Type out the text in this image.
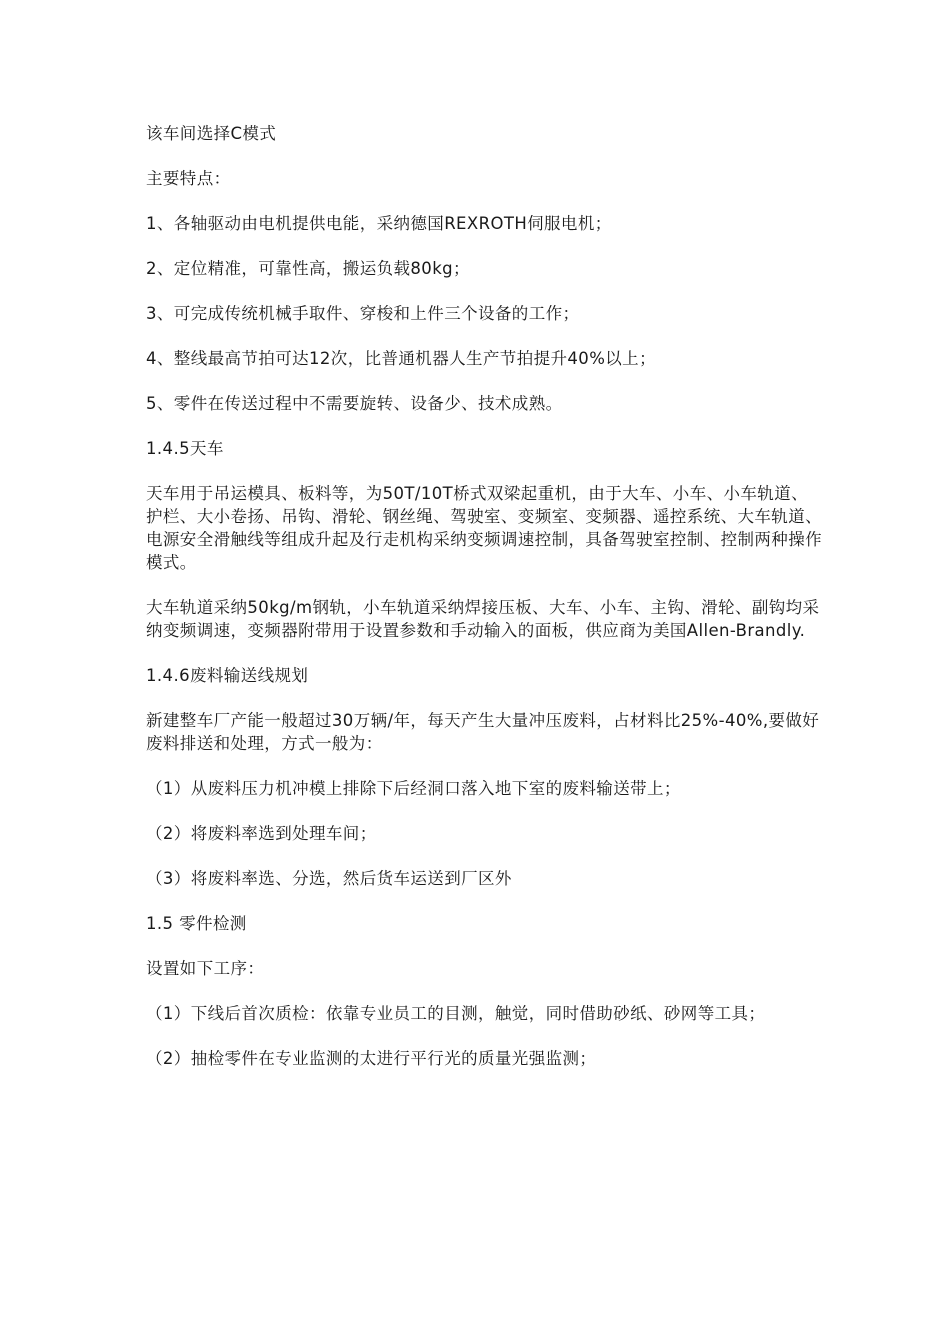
该车间选择C模式

主要特点：

1、各轴驱动由电机提供电能，采纳德国REXROTH伺服电机；

2、定位精准，可靠性高，搬运负载80kg；

3、可完成传统机械手取件、穿梭和上件三个设备的工作；

4、整线最高节拍可达12次，比普通机器人生产节拍提升40%以上；

5、零件在传送过程中不需要旋转、设备少、技术成熟。

1.4.5天车

天车用于吊运模具、板料等，为50T/10T桥式双梁起重机，由于大车、小车、小车轨道、护栏、大小卷扬、吊钩、滑轮、钢丝绳、驾驶室、变频室、变频器、遥控系统、大车轨道、电源安全滑触线等组成升起及行走机构采纳变频调速控制，具备驾驶室控制、控制两种操作模式。

大车轨道采纳50kg/m钢轨，小车轨道采纳焊接压板、大车、小车、主钩、滑轮、副钩均采纳变频调速，变频器附带用于设置参数和手动输入的面板，供应商为美国Allen-Brandly.

1.4.6废料输送线规划

新建整车厂产能一般超过30万辆/年，每天产生大量冲压废料，占材料比25%-40%,要做好废料排送和处理，方式一般为：

（1）从废料压力机冲模上排除下后经洞口落入地下室的废料输送带上；

（2）将废料率选到处理车间；

（3）将废料率选、分选，然后货车运送到厂区外

1.5 零件检测

设置如下工序：

（1）下线后首次质检：依靠专业员工的目测，触觉，同时借助砂纸、砂网等工具；

（2）抽检零件在专业监测的太进行平行光的质量光强监测；
